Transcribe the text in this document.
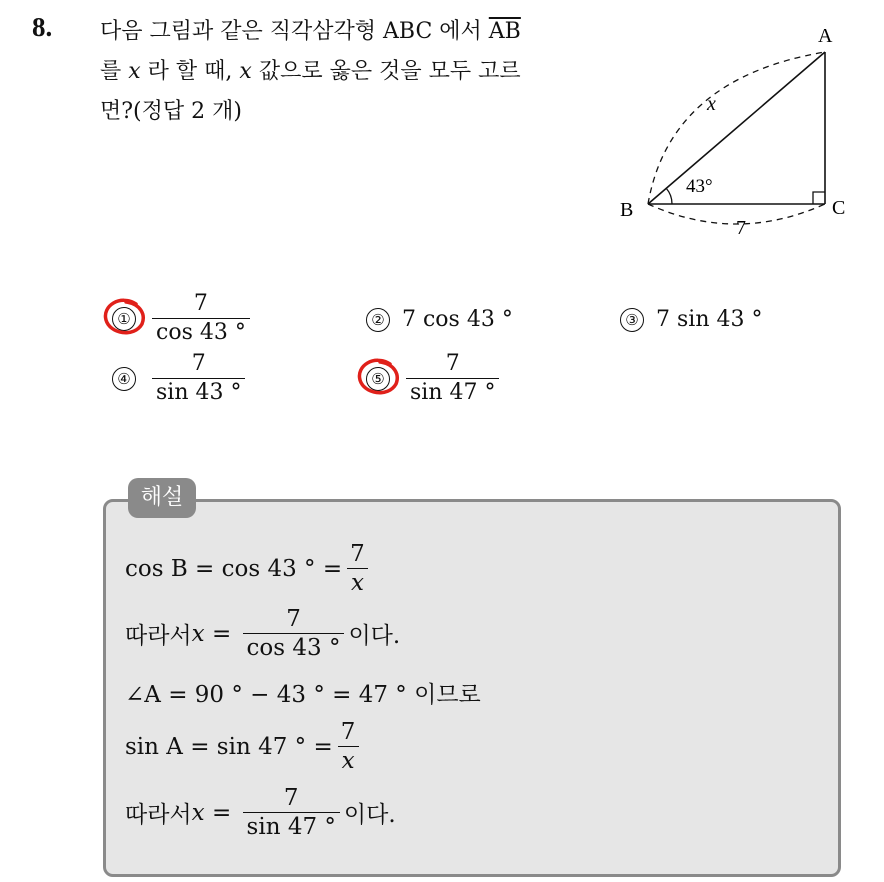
8. 다음 그림과 같은 직각삼각형 ABC 에서 $\overline{AB}$
를 x 라 할 때, x 값으로 옳은 것을 모두 고르
면?(정답 2 개)
A
B	C
x
43°
7
① $\frac{7}{\cos 43 ^\circ}$	② 7 cos 43 °	③ 7 sin 43 °
④ $\frac{7}{\sin 43 ^\circ}$	⑤ $\frac{7}{\sin 47 ^\circ}$
해설
cos B = cos 43 ° = $\frac{7}{x}$
따라서 $x = \frac{7}{\cos 43 ^\circ}$ 이다.
∠A = 90 ° − 43 ° = 47 ° 이므로
sin A = sin 47 ° = $\frac{7}{x}$
따라서 $x = \frac{7}{\sin 47 ^\circ}$ 이다.
